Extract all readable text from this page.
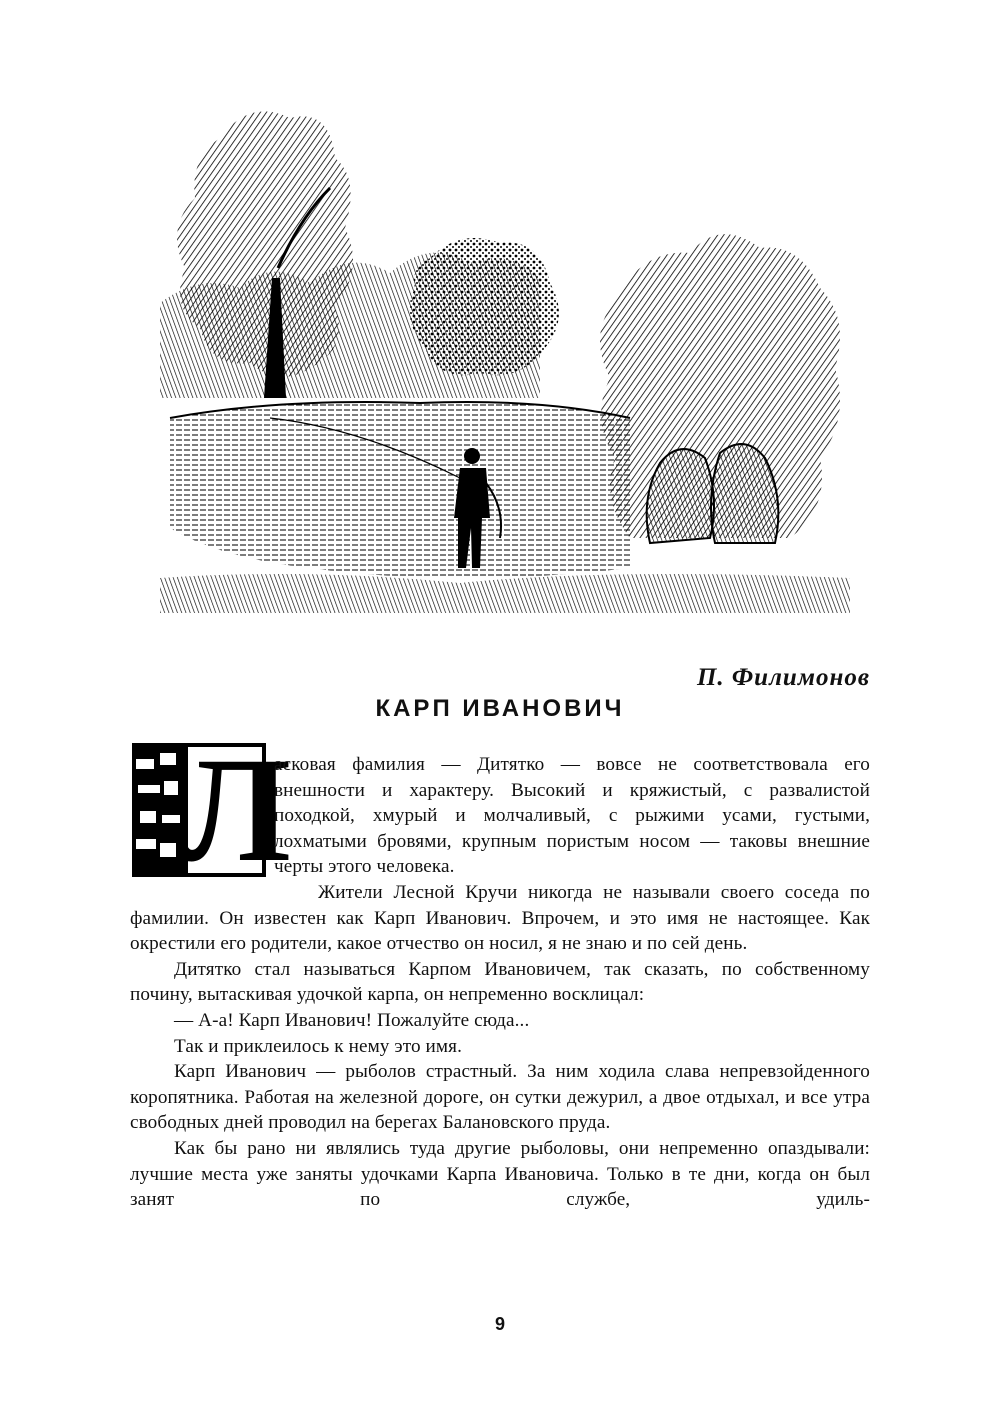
П. Филимонов
КАРП ИВАНОВИЧ
Л

асковая фамилия — Дитятко — вовсе не соответствовала его внешности и характеру. Высокий и кряжистый, с развалистой походкой, хмурый и молчаливый, с рыжими усами, густыми, лохматыми бровями, крупным пористым носом — таковы внешние черты этого человека.

Жители Лесной Кручи никогда не называли своего соседа по фамилии. Он известен как Карп Иванович. Впрочем, и это имя не настоящее. Как окрестили его родители, какое отчество он носил, я не знаю и по сей день.

Дитятко стал называться Карпом Ивановичем, так сказать, по собственному почину, вытаскивая удочкой карпа, он непременно восклицал:

— А-а! Карп Иванович! Пожалуйте сюда...

Так и приклеилось к нему это имя.

Карп Иванович — рыболов страстный. За ним ходила слава непревзойденного коропятника. Работая на железной дороге, он сутки дежурил, а двое отдыхал, и все утра свободных дней проводил на берегах Балановского пруда.

Как бы рано ни являлись туда другие рыболовы, они непременно опаздывали: лучшие места уже заняты удочками Карпа Ивановича. Только в те дни, когда он был занят по службе, удиль-

9
